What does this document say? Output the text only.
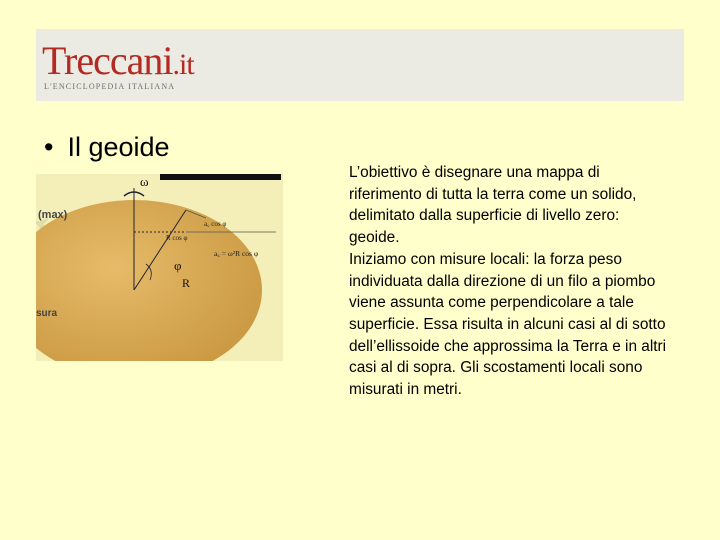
Treccani.it
L'ENCICLOPEDIA ITALIANA
• Il geoide
ω
(max)
a꜀ cos φ
R cos φ
a꜀ = ω²R cos φ
φ
R
sura

L’obiettivo è disegnare una mappa di riferimento di tutta la terra come un solido, delimitato dalla superficie di livello zero: geoide.

Iniziamo con misure locali: la forza peso individuata dalla direzione di un filo a piombo viene assunta come perpendicolare a tale superficie. Essa risulta in alcuni casi al di sotto dell’ellissoide che approssima la Terra e in altri casi al di sopra. Gli scostamenti locali sono misurati in metri.
